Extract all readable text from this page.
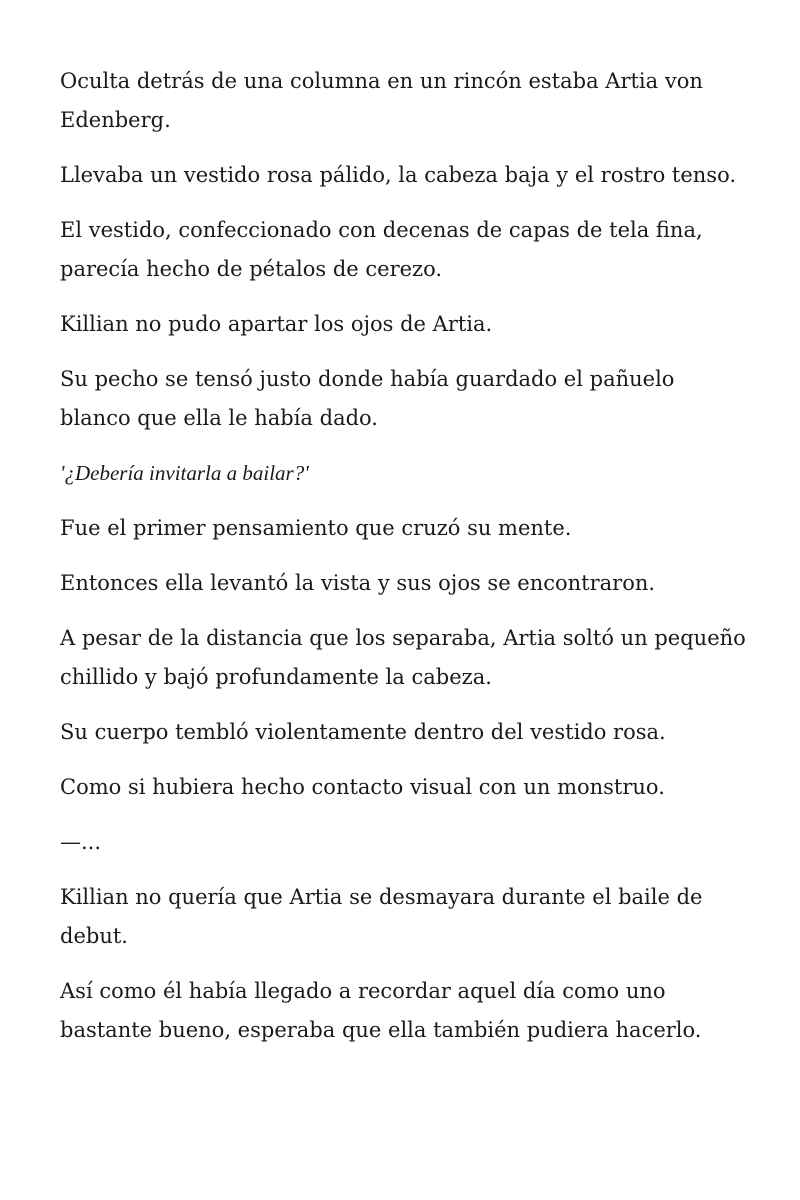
Oculta detrás de una columna en un rincón estaba Artia von Edenberg.

Llevaba un vestido rosa pálido, la cabeza baja y el rostro tenso.

El vestido, confeccionado con decenas de capas de tela fina, parecía hecho de pétalos de cerezo.

Killian no pudo apartar los ojos de Artia.

Su pecho se tensó justo donde había guardado el pañuelo blanco que ella le había dado.

'¿Debería invitarla a bailar?'

Fue el primer pensamiento que cruzó su mente.

Entonces ella levantó la vista y sus ojos se encontraron.

A pesar de la distancia que los separaba, Artia soltó un pequeño chillido y bajó profundamente la cabeza.

Su cuerpo tembló violentamente dentro del vestido rosa.

Como si hubiera hecho contacto visual con un monstruo.

—...

Killian no quería que Artia se desmayara durante el baile de debut.

Así como él había llegado a recordar aquel día como uno bastante bueno, esperaba que ella también pudiera hacerlo.
